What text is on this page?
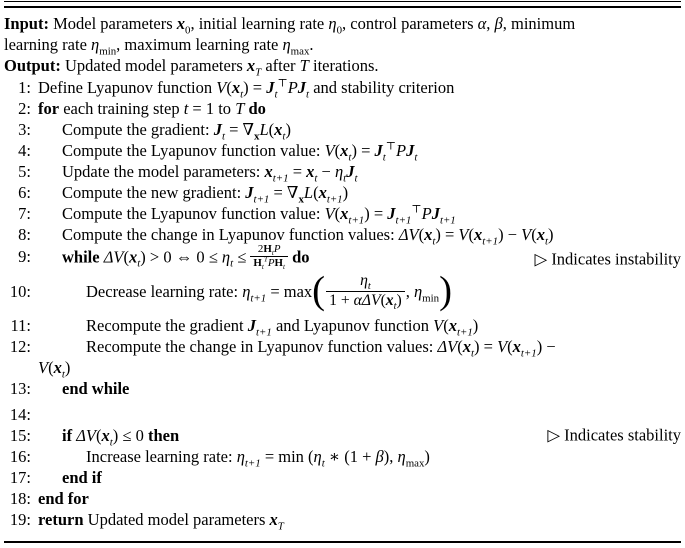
Input: Model parameters $x_0$, initial learning rate $\eta_0$, control parameters α, β, minimum
learning rate $\eta_{min}$, maximum learning rate $\eta_{max}$.
Output: Updated model parameters $x_T$ after T iterations.
1: Define Lyapunov function $V(x_t) = J_t^⊤PJ_t$ and stability criterion
2: for each training step t = 1 to T do
3:	Compute the gradient: $J_t = \nabla_xL(x_t)$
4:	Compute the Lyapunov function value: $V(x_t) = J_t^⊤PJ_t$
5:	Update the model parameters: $x_{t+1} = x_t - \eta_tJ_t$
6:	Compute the new gradient: $J_{t+1} = \nabla_xL(x_{t+1})$
7:	Compute the Lyapunov function value: $V(x_{t+1}) = J_{t+1}^⊤PJ_{t+1}$
8:	Compute the change in Lyapunov function values: $\Delta V(x_t) = V(x_{t+1}) - V(x_t)$
9:	while $\Delta V(x_t) > 0$ ⇔ $0 \le \eta_t \le \frac{2H_tP}{H_t^TPH_t}$ do	▷ Indicates instability
10:	Decrease learning rate: $\eta_{t+1} = \max( \frac{\eta_t}{1 + \alpha\Delta V(x_t)}$ , $\eta_{min}$)
11:	Recompute the gradient $J_{t+1}$ and Lyapunov function $V(x_{t+1})$
12:	Recompute the change in Lyapunov function values: $\Delta V(x_t) = V(x_{t+1})$ −
$V(x_t)$
13:	end while
14:
15:	if $\Delta V(x_t) \le 0$ then	▷ Indicates stability
16:	Increase learning rate: $\eta_{t+1} = \min (\eta_t$ ∗ (1 + β), $\eta_{max}$)
17:	end if
18: end for
19: return Updated model parameters $x_T$
